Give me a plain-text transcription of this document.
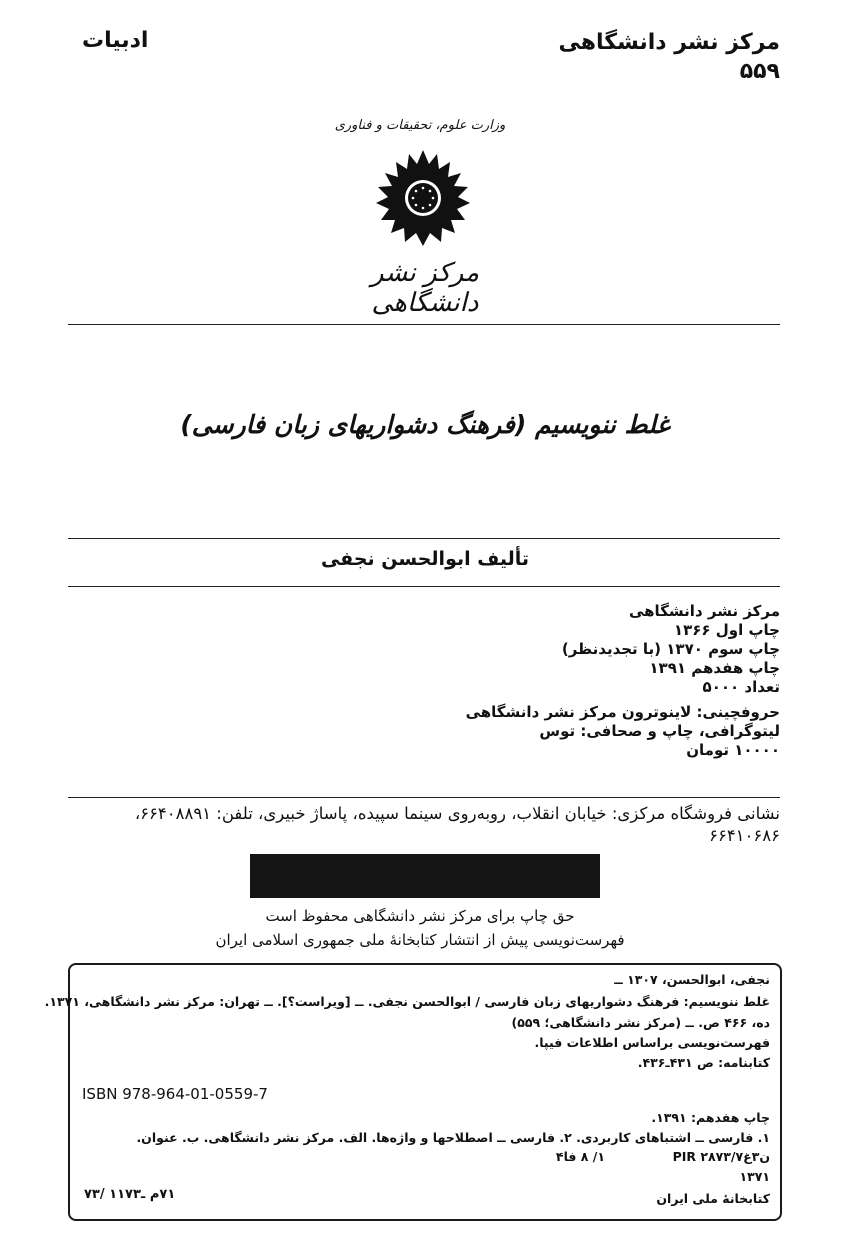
مرکز نشر دانشگاهی
۵۵۹
ادبیات
وزارت علوم، تحقیقات و فناوری
مرکز نشر دانشگاهی
غلط ننویسیم (فرهنگ دشواریهای زبان فارسی)
تألیف ابوالحسن نجفی
مرکز نشر دانشگاهی
چاپ اول ۱۳۶۶
چاپ سوم ۱۳۷۰ (با تجدیدنظر)
چاپ هفدهم ۱۳۹۱
تعداد ۵۰۰۰
حروفچینی: لاینوترون مرکز نشر دانشگاهی
لیتوگرافی، چاپ و صحافی: توس
۱۰۰۰۰ تومان
نشانی فروشگاه مرکزی: خیابان انقلاب، روبه‌روی سینما سپیده، پاساژ خبیری، تلفن: ۶۶۴۰۸۸۹۱،
۶۶۴۱۰۶۸۶
حق چاپ برای مرکز نشر دانشگاهی محفوظ است
فهرست‌نویسی پیش از انتشار کتابخانهٔ ملی جمهوری اسلامی ایران
نجفی، ابوالحسن، ۱۳۰۷ ــ
غلط ننویسیم: فرهنگ دشواریهای زبان فارسی / ابوالحسن نجفی. ــ [ویراست؟]. ــ تهران: مرکز نشر دانشگاهی، ۱۳۷۱.
ده، ۴۶۶ ص. ــ (مرکز نشر دانشگاهی؛ ۵۵۹)
فهرست‌نویسی براساس اطلاعات فیپا.
کتابنامه: ص ۴۳۱ـ۴۳۶.
ISBN 978-964-01-0559-7
چاپ هفدهم: ۱۳۹۱.
۱. فارسی ــ اشتباهای کاربردی. ۲. فارسی ــ اصطلاحها و واژه‌ها. الف. مرکز نشر دانشگاهی. ب. عنوان.
PIR ۲۸۷۳/ن۳غ۷
۱/ ۸ فا۴
۱۳۷۱
کتابخانهٔ ملی ایران
۷۱م ـ۱۱۷۳ /۷۳
